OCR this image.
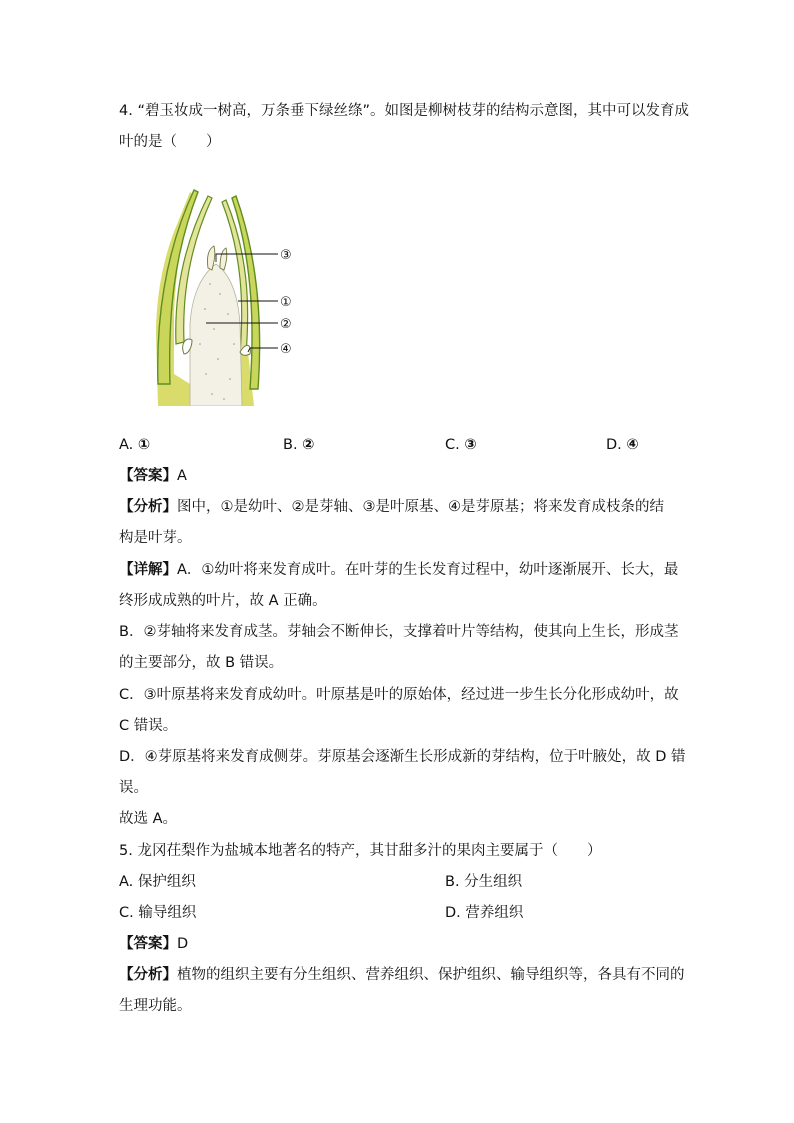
4. “碧玉妆成一树高，万条垂下绿丝绦”。如图是柳树枝芽的结构示意图，其中可以发育成
叶的是（　　）
③
①
②
④
A. ①	B. ②	C. ③	D. ④
【答案】A
【分析】图中，①是幼叶、②是芽轴、③是叶原基、④是芽原基；将来发育成枝条的结
构是叶芽。
【详解】A．①幼叶将来发育成叶。在叶芽的生长发育过程中，幼叶逐渐展开、长大，最
终形成成熟的叶片，故 A 正确。
B．②芽轴将来发育成茎。芽轴会不断伸长，支撑着叶片等结构，使其向上生长，形成茎
的主要部分，故 B 错误。
C．③叶原基将来发育成幼叶。叶原基是叶的原始体，经过进一步生长分化形成幼叶，故
C 错误。
D．④芽原基将来发育成侧芽。芽原基会逐渐生长形成新的芽结构，位于叶腋处，故 D 错
误。
故选 A。
5. 龙冈茌梨作为盐城本地著名的特产，其甘甜多汁的果肉主要属于（　　）
A. 保护组织	B. 分生组织
C. 输导组织	D. 营养组织
【答案】D
【分析】植物的组织主要有分生组织、营养组织、保护组织、输导组织等，各具有不同的
生理功能。
